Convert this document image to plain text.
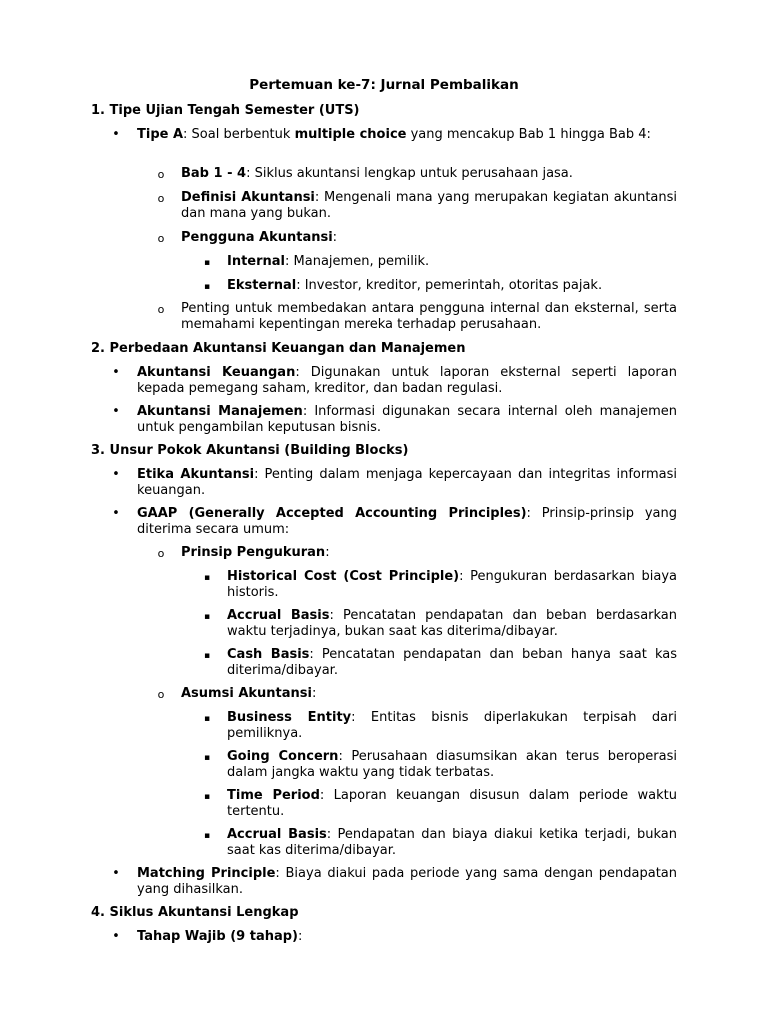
Pertemuan ke-7: Jurnal Pembalikan
1. Tipe Ujian Tengah Semester (UTS)
• Tipe A: Soal berbentuk multiple choice yang mencakup Bab 1 hingga Bab 4:
o Bab 1 - 4: Siklus akuntansi lengkap untuk perusahaan jasa.
o Definisi Akuntansi: Mengenali mana yang merupakan kegiatan akuntansi dan mana yang bukan.
o Pengguna Akuntansi:
▪ Internal: Manajemen, pemilik.
▪ Eksternal: Investor, kreditor, pemerintah, otoritas pajak.
o Penting untuk membedakan antara pengguna internal dan eksternal, serta memahami kepentingan mereka terhadap perusahaan.
2. Perbedaan Akuntansi Keuangan dan Manajemen
• Akuntansi Keuangan: Digunakan untuk laporan eksternal seperti laporan kepada pemegang saham, kreditor, dan badan regulasi.
• Akuntansi Manajemen: Informasi digunakan secara internal oleh manajemen untuk pengambilan keputusan bisnis.
3. Unsur Pokok Akuntansi (Building Blocks)
• Etika Akuntansi: Penting dalam menjaga kepercayaan dan integritas informasi keuangan.
• GAAP (Generally Accepted Accounting Principles): Prinsip-prinsip yang diterima secara umum:
o Prinsip Pengukuran:
▪ Historical Cost (Cost Principle): Pengukuran berdasarkan biaya historis.
▪ Accrual Basis: Pencatatan pendapatan dan beban berdasarkan waktu terjadinya, bukan saat kas diterima/dibayar.
▪ Cash Basis: Pencatatan pendapatan dan beban hanya saat kas diterima/dibayar.
o Asumsi Akuntansi:
▪ Business Entity: Entitas bisnis diperlakukan terpisah dari pemiliknya.
▪ Going Concern: Perusahaan diasumsikan akan terus beroperasi dalam jangka waktu yang tidak terbatas.
▪ Time Period: Laporan keuangan disusun dalam periode waktu tertentu.
▪ Accrual Basis: Pendapatan dan biaya diakui ketika terjadi, bukan saat kas diterima/dibayar.
• Matching Principle: Biaya diakui pada periode yang sama dengan pendapatan yang dihasilkan.
4. Siklus Akuntansi Lengkap
• Tahap Wajib (9 tahap):
